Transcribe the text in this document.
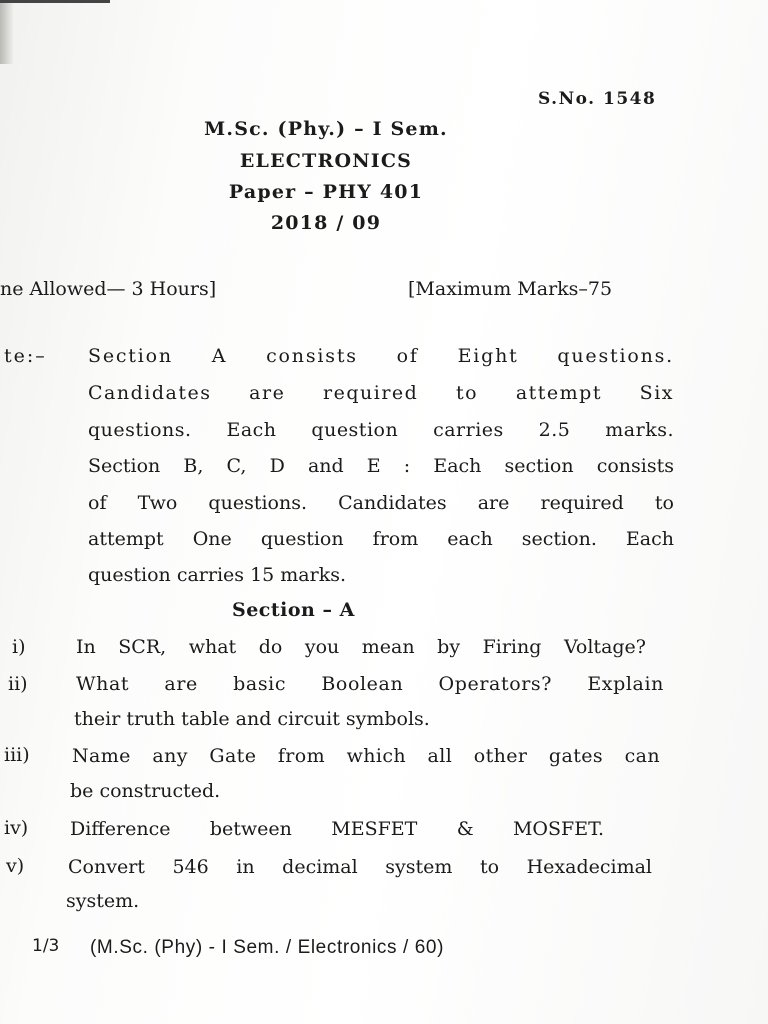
S.No. 1548
M.Sc. (Phy.) – I Sem.
ELECTRONICS
Paper – PHY 401
2018 / 09
ne Allowed— 3 Hours]	[Maximum Marks–75
te:– Section A consists of Eight questions.
Candidates are required to attempt Six
questions. Each question carries 2.5 marks.
Section B, C, D and E : Each section consists
of Two questions. Candidates are required to
attempt One question from each section. Each
question carries 15 marks.
Section – A
i)	In SCR, what do you mean by Firing Voltage?
ii)	What are basic Boolean Operators? Explain
their truth table and circuit symbols.
iii) Name any Gate from which all other gates can
be constructed.
iv) Difference between MESFET & MOSFET.
v) Convert 546 in decimal system to Hexadecimal
system.
1/3 (M.Sc. (Phy) - I Sem. / Electronics / 60)
